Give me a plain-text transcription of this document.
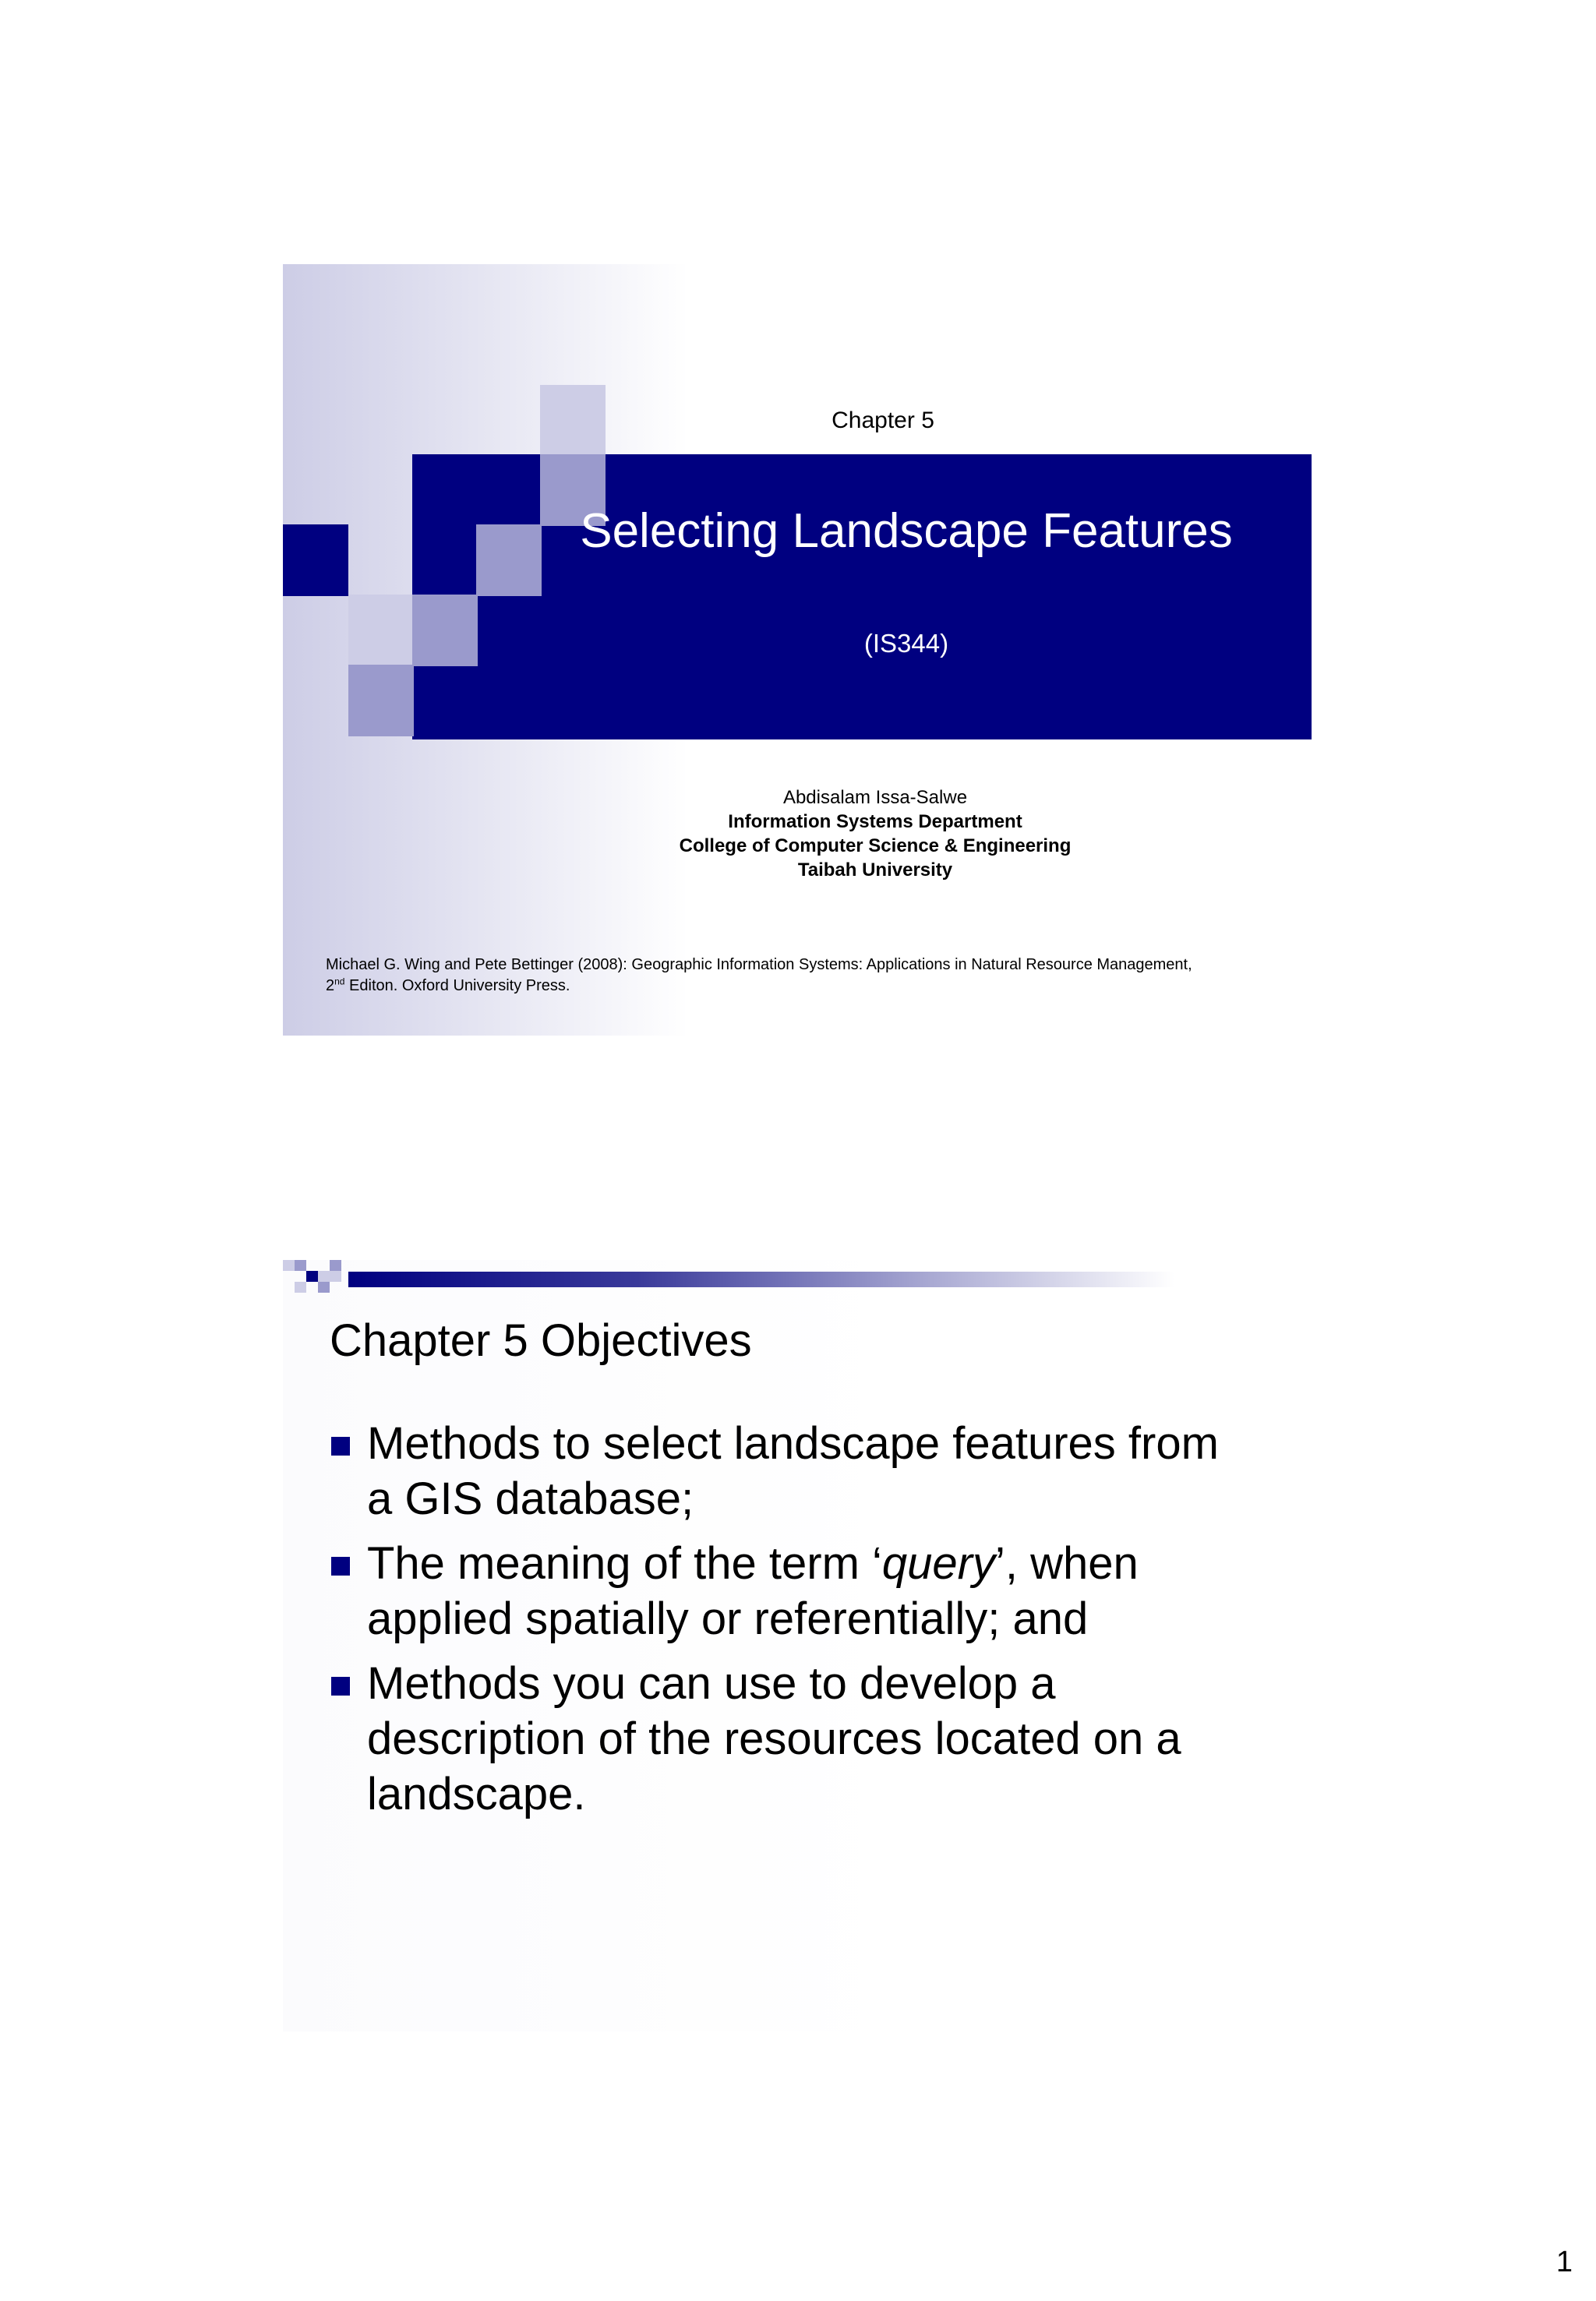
Chapter 5
Selecting Landscape Features
(IS344)
Abdisalam Issa-Salwe
Information Systems Department
College of Computer Science & Engineering
Taibah University
Michael G. Wing and Pete Bettinger (2008): Geographic Information Systems: Applications in Natural Resource Management,
2nd Editon. Oxford University Press.
Chapter 5 Objectives
Methods to select landscape features from
a GIS database;
The meaning of the term ‘query’, when
applied spatially or referentially; and
Methods you can use to develop a
description of the resources located on a
landscape.
1
